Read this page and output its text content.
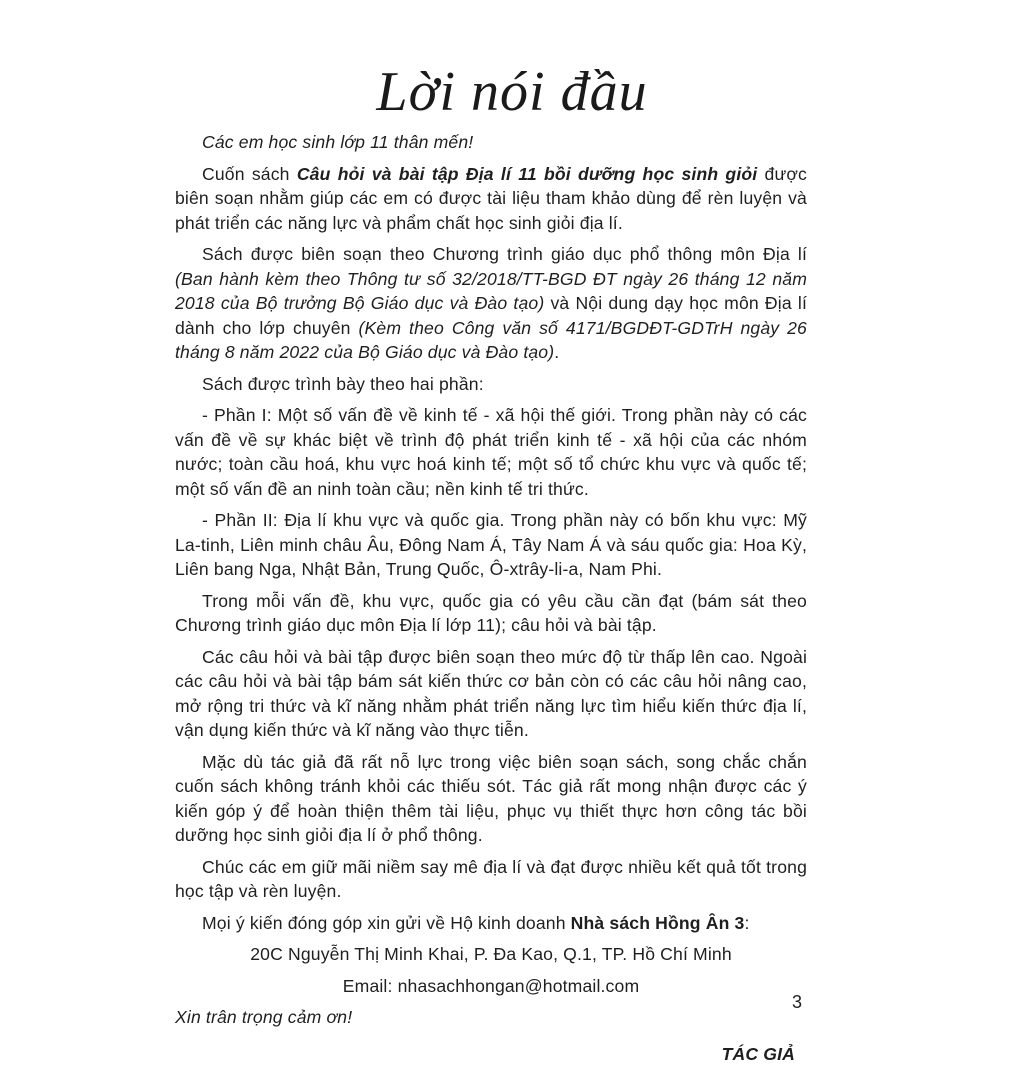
Lời nói đầu

Các em học sinh lớp 11 thân mến!

Cuốn sách Câu hỏi và bài tập Địa lí 11 bồi dưỡng học sinh giỏi được biên soạn nhằm giúp các em có được tài liệu tham khảo dùng để rèn luyện và phát triển các năng lực và phẩm chất học sinh giỏi địa lí.

Sách được biên soạn theo Chương trình giáo dục phổ thông môn Địa lí (Ban hành kèm theo Thông tư số 32/2018/TT-BGD ĐT ngày 26 tháng 12 năm 2018 của Bộ trưởng Bộ Giáo dục và Đào tạo) và Nội dung dạy học môn Địa lí dành cho lớp chuyên (Kèm theo Công văn số 4171/BGDĐT-GDTrH ngày 26 tháng 8 năm 2022 của Bộ Giáo dục và Đào tạo).

Sách được trình bày theo hai phần:

- Phần I: Một số vấn đề về kinh tế - xã hội thế giới. Trong phần này có các vấn đề về sự khác biệt về trình độ phát triển kinh tế - xã hội của các nhóm nước; toàn cầu hoá, khu vực hoá kinh tế; một số tổ chức khu vực và quốc tế; một số vấn đề an ninh toàn cầu; nền kinh tế tri thức.

- Phần II: Địa lí khu vực và quốc gia. Trong phần này có bốn khu vực: Mỹ La-tinh, Liên minh châu Âu, Đông Nam Á, Tây Nam Á và sáu quốc gia: Hoa Kỳ, Liên bang Nga, Nhật Bản, Trung Quốc, Ô-xtrây-li-a, Nam Phi.

Trong mỗi vấn đề, khu vực, quốc gia có yêu cầu cần đạt (bám sát theo Chương trình giáo dục môn Địa lí lớp 11); câu hỏi và bài tập.

Các câu hỏi và bài tập được biên soạn theo mức độ từ thấp lên cao. Ngoài các câu hỏi và bài tập bám sát kiến thức cơ bản còn có các câu hỏi nâng cao, mở rộng tri thức và kĩ năng nhằm phát triển năng lực tìm hiểu kiến thức địa lí, vận dụng kiến thức và kĩ năng vào thực tiễn.

Mặc dù tác giả đã rất nỗ lực trong việc biên soạn sách, song chắc chắn cuốn sách không tránh khỏi các thiếu sót. Tác giả rất mong nhận được các ý kiến góp ý để hoàn thiện thêm tài liệu, phục vụ thiết thực hơn công tác bồi dưỡng học sinh giỏi địa lí ở phổ thông.

Chúc các em giữ mãi niềm say mê địa lí và đạt được nhiều kết quả tốt trong học tập và rèn luyện.

Mọi ý kiến đóng góp xin gửi về Hộ kinh doanh Nhà sách Hồng Ân 3:

20C Nguyễn Thị Minh Khai, P. Đa Kao, Q.1, TP. Hồ Chí Minh

Email: nhasachhongan@hotmail.com

Xin trân trọng cảm ơn!

TÁC GIẢ

3
